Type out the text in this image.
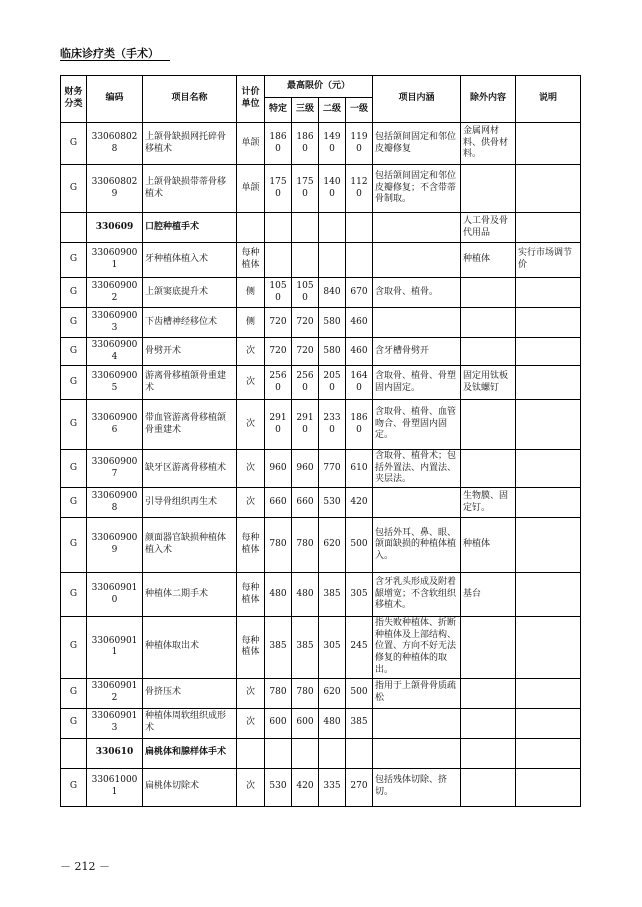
临床诊疗类（手术）
财务分类	编码	项目名称	计价单位	最高限价（元）				项目内涵	除外内容	说明
				特定	三级	二级	一级			
G	330608028	上颌骨缺损网托碎骨移植术	单颌	1860	1860	1490	1190	包括颌间固定和邻位皮瓣修复	金属网材料、供骨材料。	
G	330608029	上颌骨缺损带蒂骨移植术	单颌	1750	1750	1400	1120	包括颌间固定和邻位皮瓣修复；不含带蒂骨制取。		
	330609	口腔种植手术							人工骨及骨代用品	
G	330609001	牙种植体植入术	每种植体						种植体	实行市场调节价
G	330609002	上颌窦底提升术	侧	1050	1050	840	670	含取骨、植骨。		
G	330609003	下齿槽神经移位术	侧	720	720	580	460			
G	330609004	骨劈开术	次	720	720	580	460	含牙槽骨劈开		
G	330609005	游离骨移植颌骨重建术	次	2560	2560	2050	1640	含取骨、植骨、骨塑固内固定。	固定用钛板及钛螺钉	
G	330609006	带血管游离骨移植颌骨重建术	次	2910	2910	2330	1860	含取骨、植骨、血管吻合、骨塑固内固定。		
G	330609007	缺牙区游离骨移植术	次	960	960	770	610	含取骨、植骨术；包括外置法、内置法、夹层法。		
G	330609008	引导骨组织再生术	次	660	660	530	420		生物膜、固定钉。	
G	330609009	颜面器官缺损种植体植入术	每种植体	780	780	620	500	包括外耳、鼻、眼、颌面缺损的种植体植入。	种植体	
G	330609010	种植体二期手术	每种植体	480	480	385	305	含牙乳头形成及附着龈增宽；不含软组织移植术。	基台	
G	330609011	种植体取出术	每种植体	385	385	305	245	指失败种植体、折断种植体及上部结构、位置、方向不好无法修复的种植体的取出。		
G	330609012	骨挤压术	次	780	780	620	500	指用于上颌骨骨质疏松		
G	330609013	种植体周软组织成形术	次	600	600	480	385			
	330610	扁桃体和腺样体手术								
G	330610001	扁桃体切除术	次	530	420	335	270	包括残体切除、挤切。		
－ 212 －
